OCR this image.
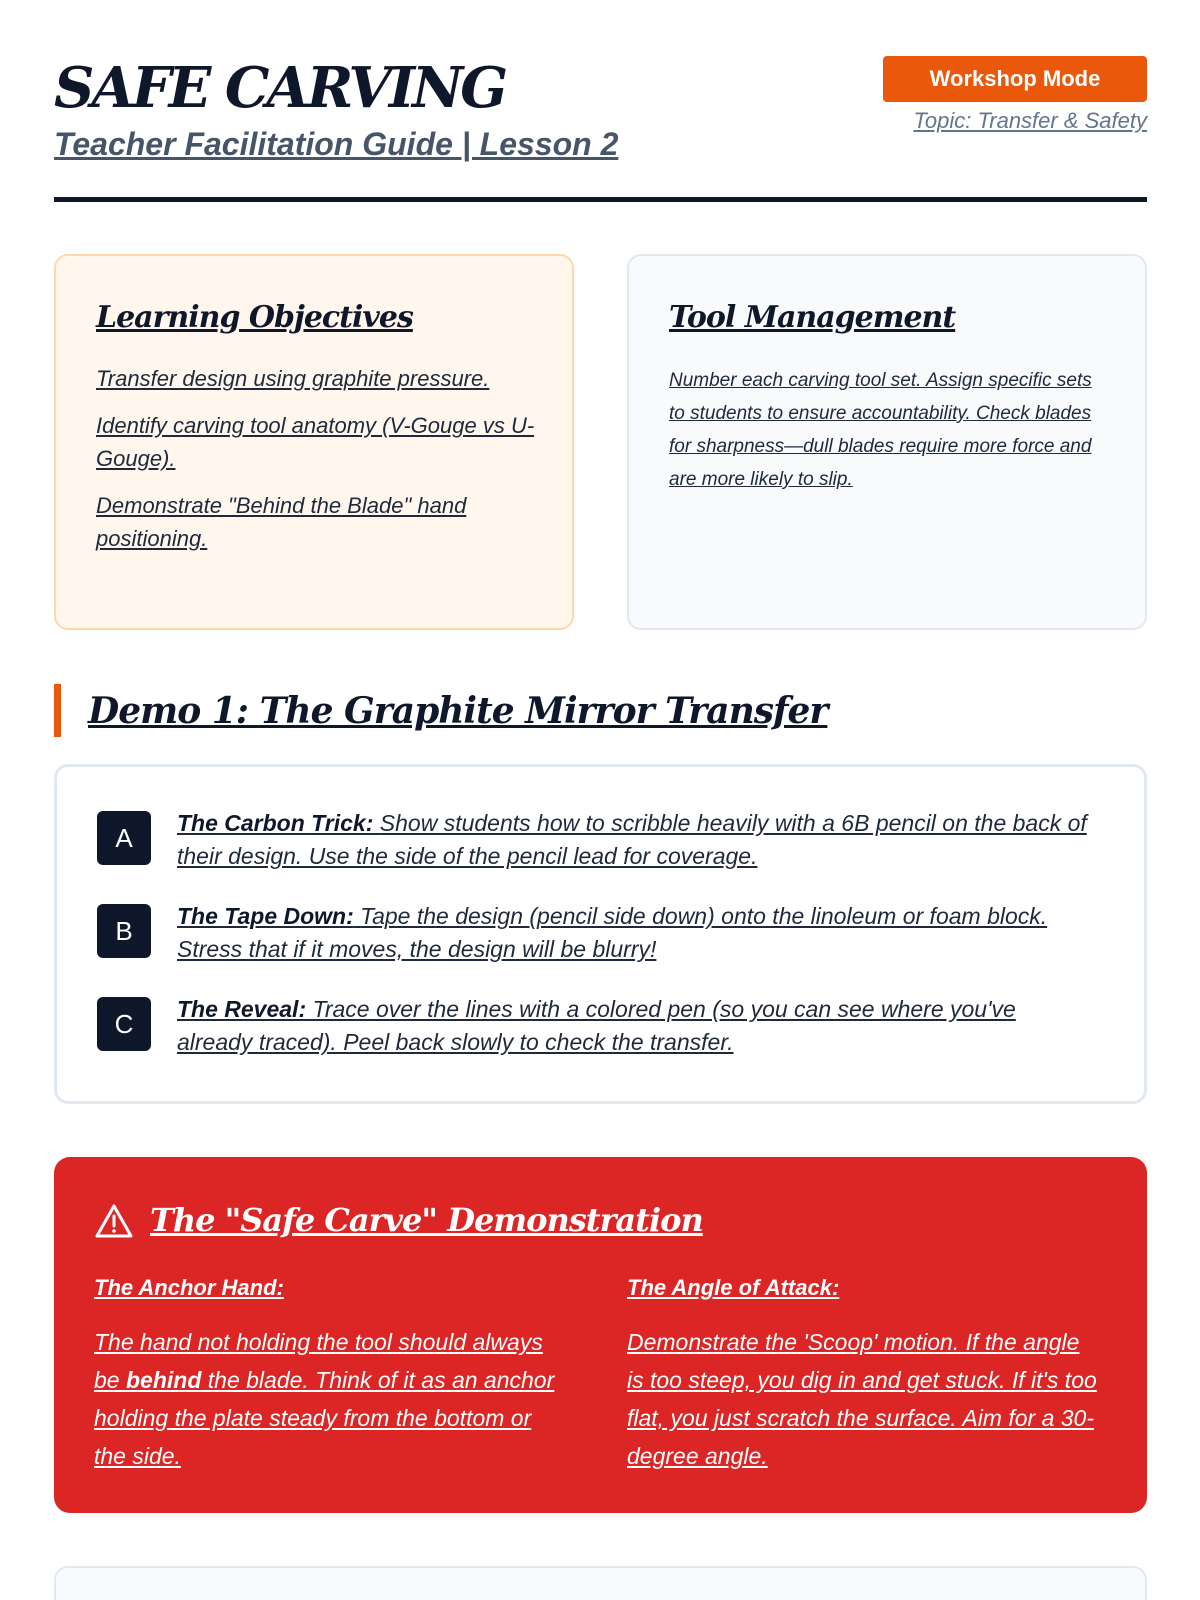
SAFE CARVING
Teacher Facilitation Guide | Lesson 2
Workshop Mode
Topic: Transfer & Safety
Learning Objectives
Transfer design using graphite pressure.
Identify carving tool anatomy (V-Gouge vs U-Gouge).
Demonstrate "Behind the Blade" hand positioning.
Tool Management
Number each carving tool set. Assign specific sets to students to ensure accountability. Check blades for sharpness—dull blades require more force and are more likely to slip.
Demo 1: The Graphite Mirror Transfer
A	The Carbon Trick: Show students how to scribble heavily with a 6B pencil on the back of their design. Use the side of the pencil lead for coverage.
B	The Tape Down: Tape the design (pencil side down) onto the linoleum or foam block. Stress that if it moves, the design will be blurry!
C	The Reveal: Trace over the lines with a colored pen (so you can see where you've already traced). Peel back slowly to check the transfer.
The "Safe Carve" Demonstration
The Anchor Hand:
The hand not holding the tool should always be behind the blade. Think of it as an anchor holding the plate steady from the bottom or the side.
The Angle of Attack:
Demonstrate the 'Scoop' motion. If the angle is too steep, you dig in and get stuck. If it's too flat, you just scratch the surface. Aim for a 30-degree angle.
